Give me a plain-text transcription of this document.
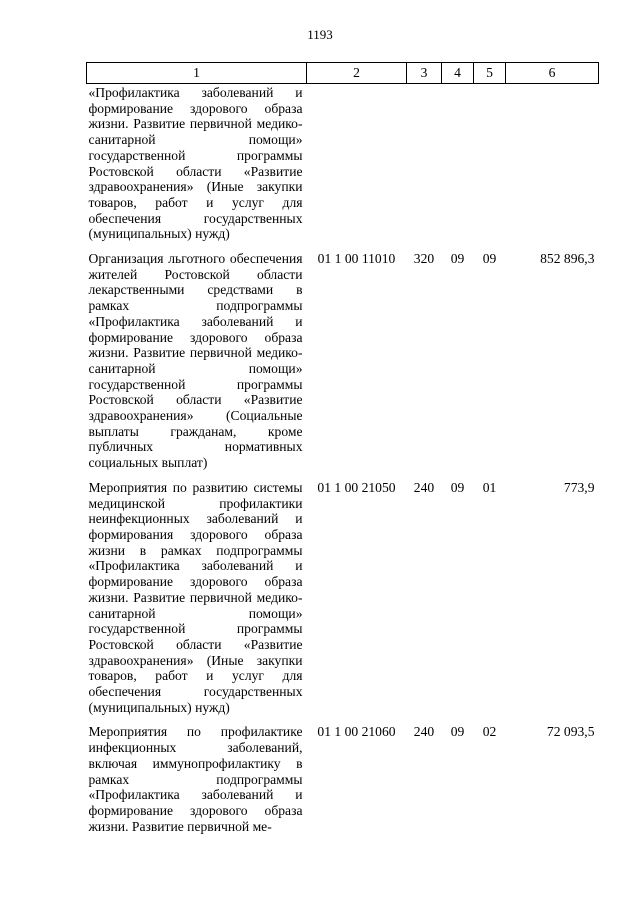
1193
1	2	3	4	5	6
«Профилактика заболеваний и формирование здорового образа жизни. Развитие первичной медико-санитарной помощи» государственной программы Ростовской области «Развитие здравоохранения» (Иные закупки товаров, работ и услуг для обеспечения государственных (муниципальных) нужд)					

Организация льготного обеспечения жителей Ростовской области лекарственными средствами в рамках подпрограммы «Профилактика заболеваний и формирование здорового образа жизни. Развитие первичной медико-санитарной помощи» государственной программы Ростовской области «Развитие здравоохранения» (Социальные выплаты гражданам, кроме публичных нормативных социальных выплат)	01 1 00 11010	320	09	09	852 896,3

Мероприятия по развитию системы медицинской профилактики неинфекционных заболеваний и формирования здорового образа жизни в рамках подпрограммы «Профилактика заболеваний и формирование здорового образа жизни. Развитие первичной медико-санитарной помощи» государственной программы Ростовской области «Развитие здравоохранения» (Иные закупки товаров, работ и услуг для обеспечения государственных (муниципальных) нужд)	01 1 00 21050	240	09	01	773,9

Мероприятия по профилактике инфекционных заболеваний, включая иммунопрофилактику в рамках подпрограммы «Профилактика заболеваний и формирование здорового образа жизни. Развитие первичной ме-	01 1 00 21060	240	09	02	72 093,5
